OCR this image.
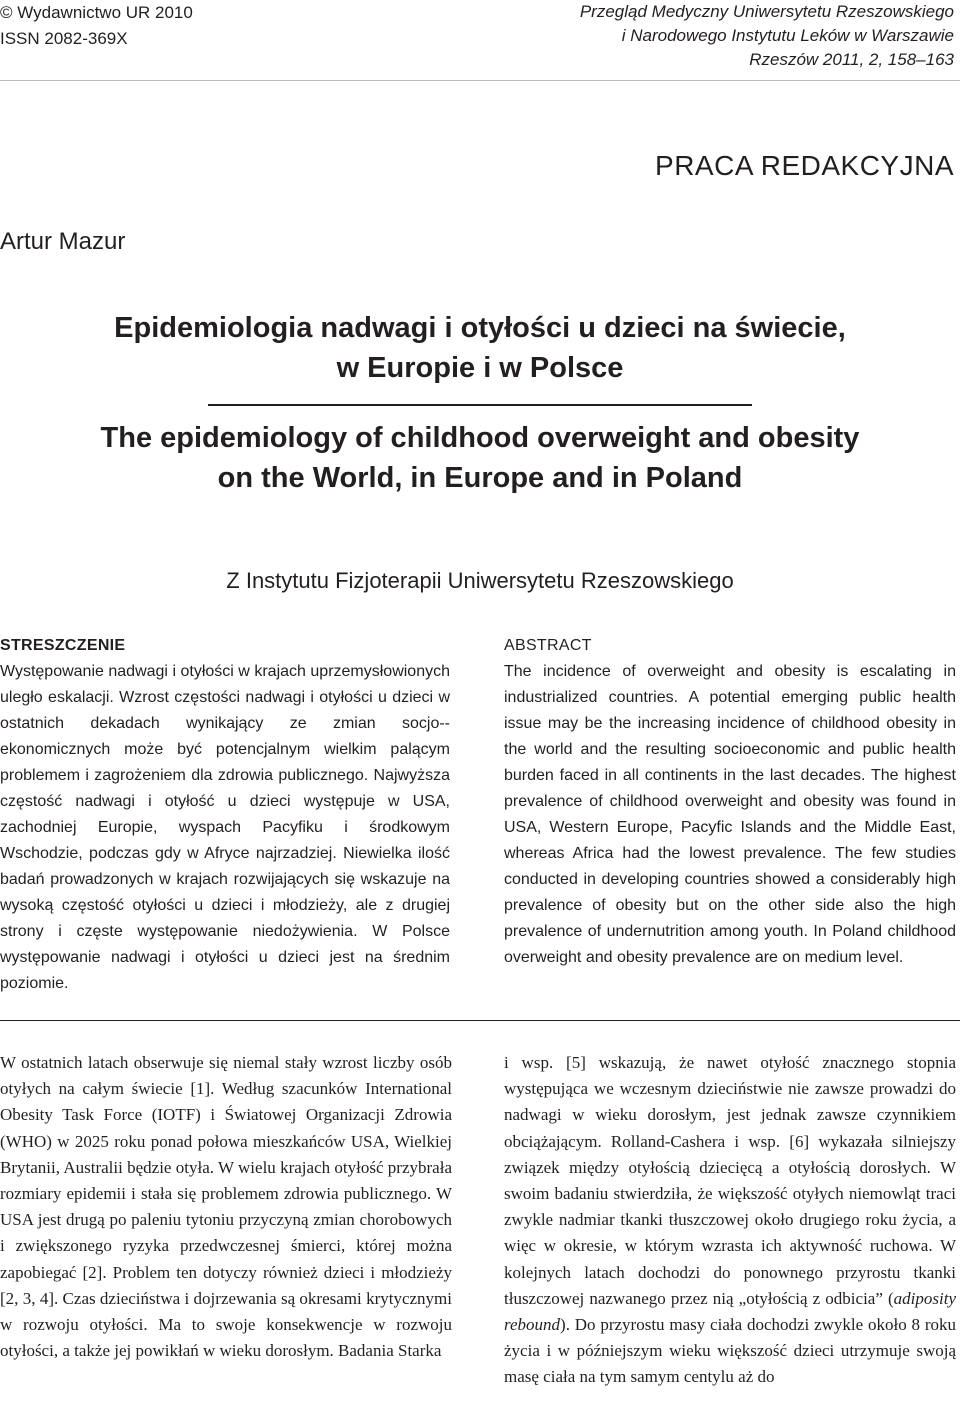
© Wydawnictwo UR 2010
ISSN 2082-369X
Przegląd Medyczny Uniwersytetu Rzeszowskiego
i Narodowego Instytutu Leków w Warszawie
Rzeszów 2011, 2, 158–163
PRACA REDAKCYJNA
Artur Mazur
Epidemiologia nadwagi i otyłości u dzieci na świecie,
w Europie i w Polsce
The epidemiology of childhood overweight and obesity
on the World, in Europe and in Poland
Z Instytutu Fizjoterapii Uniwersytetu Rzeszowskiego
STRESZCZENIE

Występowanie nadwagi i otyłości w krajach uprzemysłowionych uległo eskalacji. Wzrost częstości nadwagi i otyłości u dzieci w ostatnich dekadach wynikający ze zmian socjo--ekonomicznych może być potencjalnym wielkim palącym problemem i zagrożeniem dla zdrowia publicznego. Najwyższa częstość nadwagi i otyłość u dzieci występuje w USA, zachodniej Europie, wyspach Pacyfiku i środkowym Wschodzie, podczas gdy w Afryce najrzadziej. Niewielka ilość badań prowadzonych w krajach rozwijających się wskazuje na wysoką częstość otyłości u dzieci i młodzieży, ale z drugiej strony i częste występowanie niedożywienia. W Polsce występowanie nadwagi i otyłości u dzieci jest na średnim poziomie.

ABSTRACT

The incidence of overweight and obesity is escalating in industrialized countries. A potential emerging public health issue may be the increasing incidence of childhood obesity in the world and the resulting socioeconomic and public health burden faced in all continents in the last decades. The highest prevalence of childhood overweight and obesity was found in USA, Western Europe, Pacyfic Islands and the Middle East, whereas Africa had the lowest prevalence. The few studies conducted in developing countries showed a considerably high prevalence of obesity but on the other side also the high prevalence of undernutrition among youth. In Poland childhood overweight and obesity prevalence are on medium level.

W ostatnich latach obserwuje się niemal stały wzrost liczby osób otyłych na całym świecie [1]. Według szacunków International Obesity Task Force (IOTF) i Światowej Organizacji Zdrowia (WHO) w 2025 roku ponad połowa mieszkańców USA, Wielkiej Brytanii, Australii będzie otyła. W wielu krajach otyłość przybrała rozmiary epidemii i stała się problemem zdrowia publicznego. W USA jest drugą po paleniu tytoniu przyczyną zmian chorobowych i zwiększonego ryzyka przedwczesnej śmierci, której można zapobiegać [2]. Problem ten dotyczy również dzieci i młodzieży [2, 3, 4]. Czas dzieciństwa i dojrzewania są okresami krytycznymi w rozwoju otyłości. Ma to swoje konsekwencje w rozwoju otyłości, a także jej powikłań w wieku dorosłym. Badania Starka

i wsp. [5] wskazują, że nawet otyłość znacznego stopnia występująca we wczesnym dzieciństwie nie zawsze prowadzi do nadwagi w wieku dorosłym, jest jednak zawsze czynnikiem obciążającym. Rolland-Cashera i wsp. [6] wykazała silniejszy związek między otyłością dziecięcą a otyłością dorosłych. W swoim badaniu stwierdziła, że większość otyłych niemowląt traci zwykle nadmiar tkanki tłuszczowej około drugiego roku życia, a więc w okresie, w którym wzrasta ich aktywność ruchowa. W kolejnych latach dochodzi do ponownego przyrostu tkanki tłuszczowej nazwanego przez nią „otyłością z odbicia” (adiposity rebound). Do przyrostu masy ciała dochodzi zwykle około 8 roku życia i w późniejszym wieku większość dzieci utrzymuje swoją masę ciała na tym samym centylu aż do
